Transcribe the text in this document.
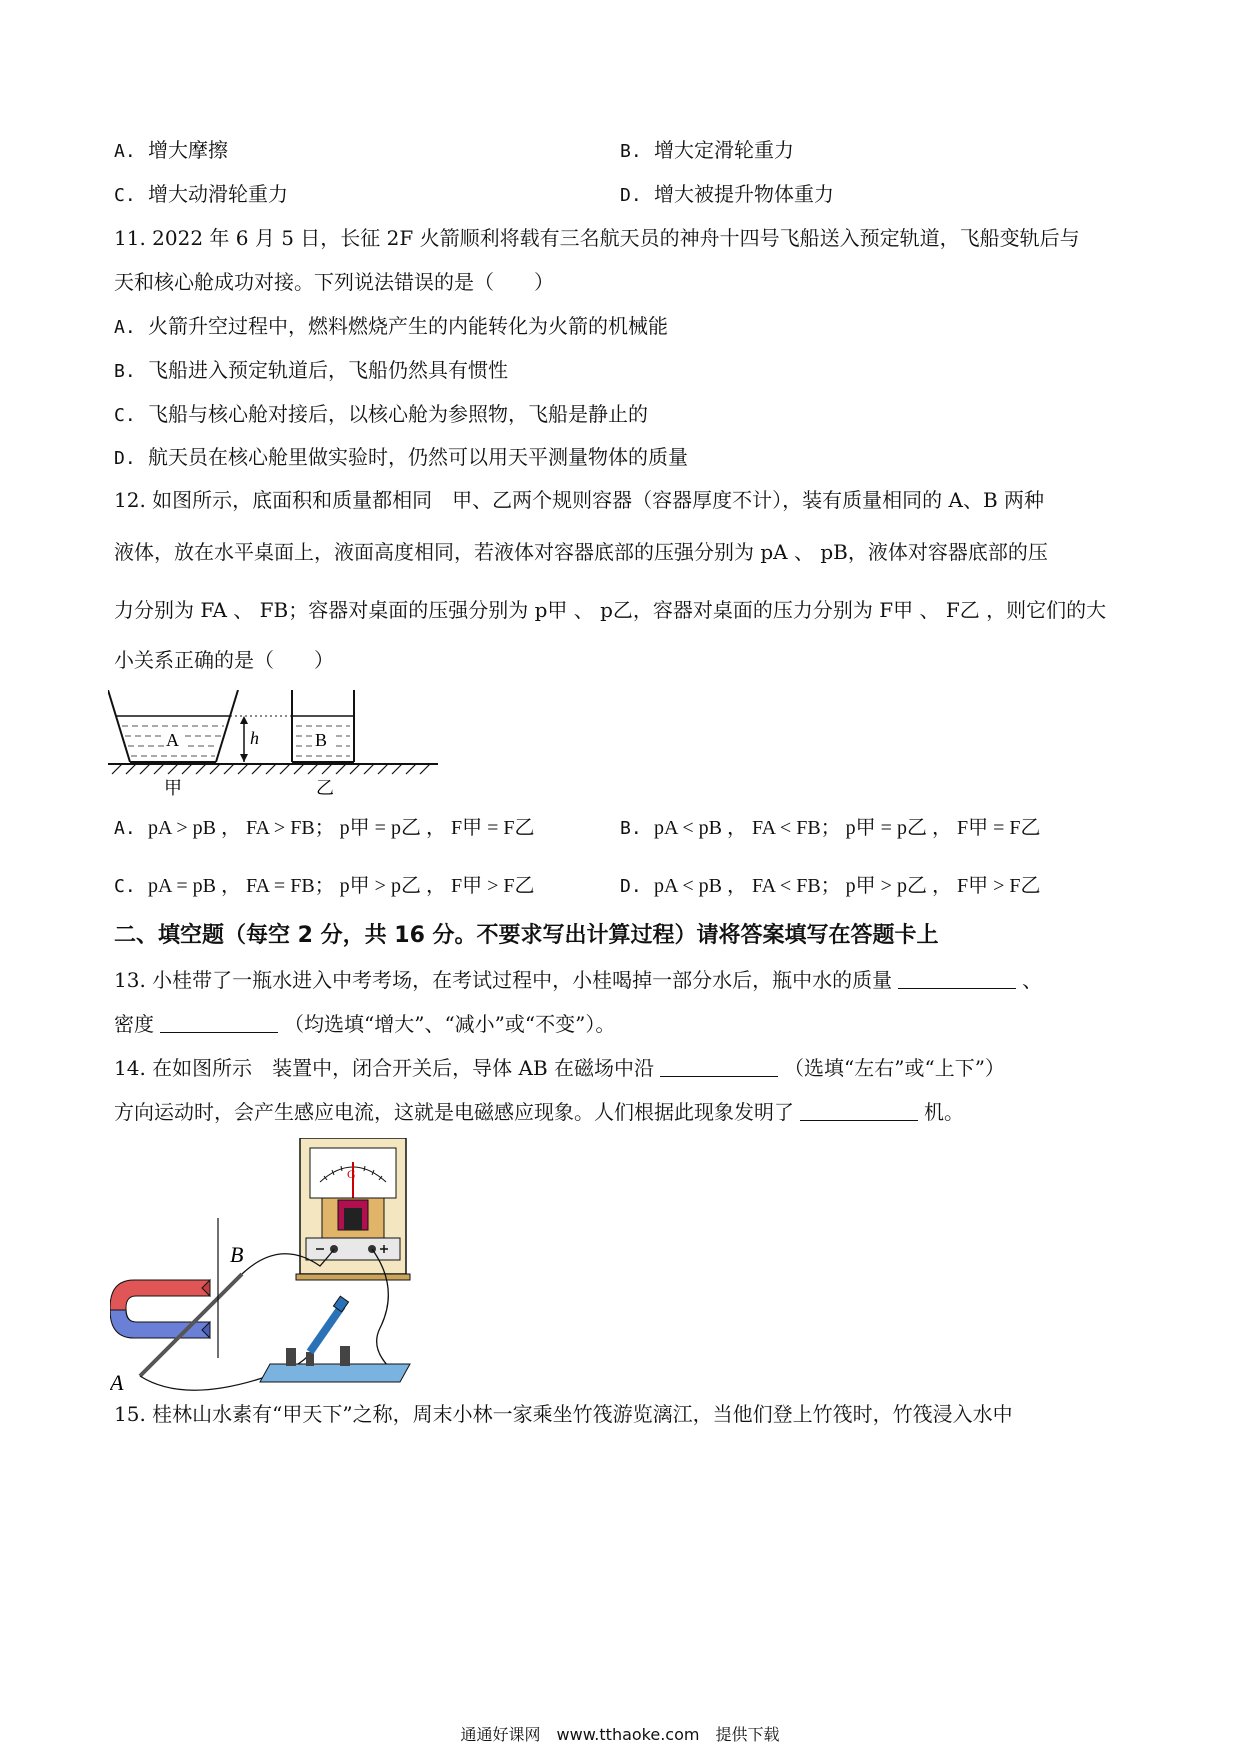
A. 增大摩擦	B. 增大定滑轮重力
C. 增大动滑轮重力	D. 增大被提升物体重力
11. 2022 年 6 月 5 日，长征 2F 火箭顺利将载有三名航天员的神舟十四号飞船送入预定轨道，飞船变轨后与
天和核心舱成功对接。下列说法错误的是（　　）
A. 火箭升空过程中，燃料燃烧产生的内能转化为火箭的机械能
B. 飞船进入预定轨道后，飞船仍然具有惯性
C. 飞船与核心舱对接后，以核心舱为参照物，飞船是静止的
D. 航天员在核心舱里做实验时，仍然可以用天平测量物体的质量
12. 如图所示，底面积和质量都相同　甲、乙两个规则容器（容器厚度不计），装有质量相同的 A、B 两种
液体，放在水平桌面上，液面高度相同，若液体对容器底部的压强分别为 pA 、 pB，液体对容器底部的压
力分别为 FA 、 FB；容器对桌面的压强分别为 p甲 、 p乙，容器对桌面的压力分别为 F甲 、 F乙 ，则它们的大
小关系正确的是（　　）
A	h	B
甲	乙
A. pA > pB ， FA > FB； p甲 = p乙 ， F甲 = F乙	B. pA < pB ， FA < FB； p甲 = p乙 ， F甲 = F乙
C. pA = pB ， FA = FB； p甲 > p乙 ， F甲 > F乙	D. pA < pB ， FA < FB； p甲 > p乙 ， F甲 > F乙
二、填空题（每空 2 分，共 16 分。不要求写出计算过程）请将答案填写在答题卡上
13. 小桂带了一瓶水进入中考考场，在考试过程中，小桂喝掉一部分水后，瓶中水的质量	、
密度	（均选填“增大”、“减小”或“不变”）。
14. 在如图所示　装置中，闭合开关后，导体 AB 在磁场中沿	（选填“左右”或“上下”）
方向运动时，会产生感应电流，这就是电磁感应现象。人们根据此现象发明了	机。
G
B
A
15. 桂林山水素有“甲天下”之称，周末小林一家乘坐竹筏游览漓江，当他们登上竹筏时，竹筏浸入水中
通通好课网　www.tthaoke.com　提供下载
